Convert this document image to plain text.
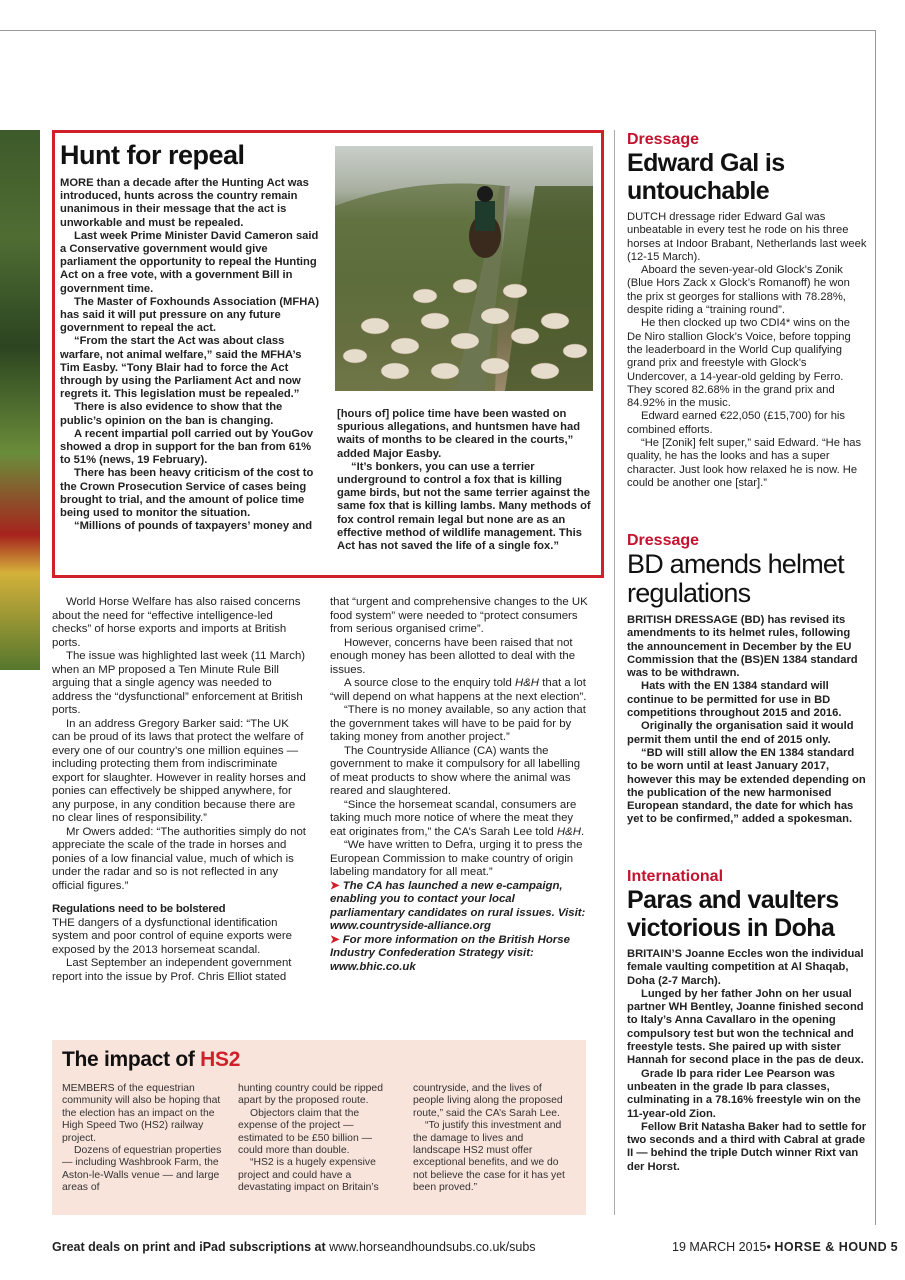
Hunt for repeal

MORE than a decade after the Hunting Act was introduced, hunts across the country remain unanimous in their message that the act is unworkable and must be repealed.

Last week Prime Minister David Cameron said a Conservative government would give parliament the opportunity to repeal the Hunting Act on a free vote, with a government Bill in government time.

The Master of Foxhounds Association (MFHA) has said it will put pressure on any future government to repeal the act.

“From the start the Act was about class warfare, not animal welfare,” said the MFHA’s Tim Easby. “Tony Blair had to force the Act through by using the Parliament Act and now regrets it. This legislation must be repealed.”

There is also evidence to show that the public’s opinion on the ban is changing.

A recent impartial poll carried out by YouGov showed a drop in support for the ban from 61% to 51% (news, 19 February).

There has been heavy criticism of the cost to the Crown Prosecution Service of cases being brought to trial, and the amount of police time being used to monitor the situation.

“Millions of pounds of taxpayers’ money and

[hours of] police time have been wasted on spurious allegations, and huntsmen have had waits of months to be cleared in the courts,” added Major Easby.

“It’s bonkers, you can use a terrier underground to control a fox that is killing game birds, but not the same terrier against the same fox that is killing lambs. Many methods of fox control remain legal but none are as an effective method of wildlife management. This Act has not saved the life of a single fox.”

World Horse Welfare has also raised concerns about the need for “effective intelligence-led checks” of horse exports and imports at British ports.

The issue was highlighted last week (11 March) when an MP proposed a Ten Minute Rule Bill arguing that a single agency was needed to address the “dysfunctional” enforcement at British ports.

In an address Gregory Barker said: “The UK can be proud of its laws that protect the welfare of every one of our country’s one million equines — including protecting them from indiscriminate export for slaughter. However in reality horses and ponies can effectively be shipped anywhere, for any purpose, in any condition because there are no clear lines of responsibility.”

Mr Owers added: “The authorities simply do not appreciate the scale of the trade in horses and ponies of a low financial value, much of which is under the radar and so is not reflected in any official figures.”

Regulations need to be bolstered

THE dangers of a dysfunctional identification system and poor control of equine exports were exposed by the 2013 horsemeat scandal.

Last September an independent government report into the issue by Prof. Chris Elliot stated

that “urgent and comprehensive changes to the UK food system” were needed to “protect consumers from serious organised crime”.

However, concerns have been raised that not enough money has been allotted to deal with the issues.

A source close to the enquiry told H&H that a lot “will depend on what happens at the next election”.

“There is no money available, so any action that the government takes will have to be paid for by taking money from another project.”

The Countryside Alliance (CA) wants the government to make it compulsory for all labelling of meat products to show where the animal was reared and slaughtered.

“Since the horsemeat scandal, consumers are taking much more notice of where the meat they eat originates from,” the CA’s Sarah Lee told H&H.

“We have written to Defra, urging it to press the European Commission to make country of origin labeling mandatory for all meat.”

➤ The CA has launched a new e-campaign, enabling you to contact your local parliamentary candidates on rural issues. Visit: www.countryside-alliance.org

➤ For more information on the British Horse Industry Confederation Strategy visit: www.bhic.co.uk

The impact of HS2

MEMBERS of the equestrian community will also be hoping that the election has an impact on the High Speed Two (HS2) railway project.

Dozens of equestrian properties — including Washbrook Farm, the Aston-le-Walls venue — and large areas of

hunting country could be ripped apart by the proposed route.

Objectors claim that the expense of the project — estimated to be £50 billion — could more than double.

“HS2 is a hugely expensive project and could have a devastating impact on Britain’s

countryside, and the lives of people living along the proposed route,” said the CA’s Sarah Lee.

“To justify this investment and the damage to lives and landscape HS2 must offer exceptional benefits, and we do not believe the case for it has yet been proved.”

Dressage
Edward Gal is untouchable

DUTCH dressage rider Edward Gal was unbeatable in every test he rode on his three horses at Indoor Brabant, Netherlands last week (12-15 March).

Aboard the seven-year-old Glock’s Zonik (Blue Hors Zack x Glock’s Romanoff) he won the prix st georges for stallions with 78.28%, despite riding a “training round”.

He then clocked up two CDI4* wins on the De Niro stallion Glock’s Voice, before topping the leaderboard in the World Cup qualifying grand prix and freestyle with Glock’s Undercover, a 14-year-old gelding by Ferro. They scored 82.68% in the grand prix and 84.92% in the music.

Edward earned €22,050 (£15,700) for his combined efforts.

“He [Zonik] felt super,” said Edward. “He has quality, he has the looks and has a super character. Just look how relaxed he is now. He could be another one [star].”

Dressage
BD amends helmet regulations

BRITISH DRESSAGE (BD) has revised its amendments to its helmet rules, following the announcement in December by the EU Commission that the (BS)EN 1384 standard was to be withdrawn.

Hats with the EN 1384 standard will continue to be permitted for use in BD competitions throughout 2015 and 2016.

Originally the organisation said it would permit them until the end of 2015 only.

“BD will still allow the EN 1384 standard to be worn until at least January 2017, however this may be extended depending on the publication of the new harmonised European standard, the date for which has yet to be confirmed,” added a spokesman.

International
Paras and vaulters victorious in Doha

BRITAIN’S Joanne Eccles won the individual female vaulting competition at Al Shaqab, Doha (2-7 March).

Lunged by her father John on her usual partner WH Bentley, Joanne finished second to Italy’s Anna Cavallaro in the opening compulsory test but won the technical and freestyle tests. She paired up with sister Hannah for second place in the pas de deux.

Grade Ib para rider Lee Pearson was unbeaten in the grade Ib para classes, culminating in a 78.16% freestyle win on the 11-year-old Zion.

Fellow Brit Natasha Baker had to settle for two seconds and a third with Cabral at grade II — behind the triple Dutch winner Rixt van der Horst.

Great deals on print and iPad subscriptions at www.horseandhoundsubs.co.uk/subs	19 MARCH 2015• HORSE & HOUND 5
